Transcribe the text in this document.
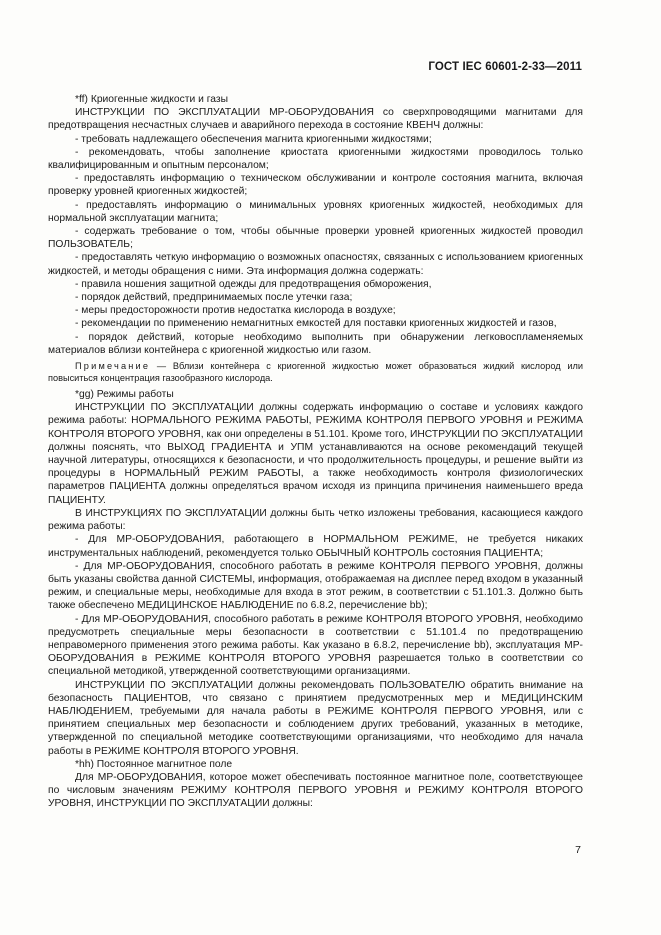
ГОСТ IEC 60601-2-33—2011

*ff) Криогенные жидкости и газы

ИНСТРУКЦИИ ПО ЭКСПЛУАТАЦИИ МР-ОБОРУДОВАНИЯ со сверхпроводящими магнитами для предотвращения несчастных случаев и аварийного перехода в состояние КВЕНЧ должны:

- требовать надлежащего обеспечения магнита криогенными жидкостями;

- рекомендовать, чтобы заполнение криостата криогенными жидкостями проводилось только квалифицированным и опытным персоналом;

- предоставлять информацию о техническом обслуживании и контроле состояния магнита, включая проверку уровней криогенных жидкостей;

- предоставлять информацию о минимальных уровнях криогенных жидкостей, необходимых для нормальной эксплуатации магнита;

- содержать требование о том, чтобы обычные проверки уровней криогенных жидкостей проводил ПОЛЬЗОВАТЕЛЬ;

- предоставлять четкую информацию о возможных опасностях, связанных с использованием криогенных жидкостей, и методы обращения с ними. Эта информация должна содержать:

- правила ношения защитной одежды для предотвращения обморожения,

- порядок действий, предпринимаемых после утечки газа;

- меры предосторожности против недостатка кислорода в воздухе;

- рекомендации по применению немагнитных емкостей для поставки криогенных жидкостей и газов,

- порядок действий, которые необходимо выполнить при обнаружении легковоспламеняемых материалов вблизи контейнера с криогенной жидкостью или газом.

Примечание — Вблизи контейнера с криогенной жидкостью может образоваться жидкий кислород или повыситься концентрация газообразного кислорода.

*gg) Режимы работы

ИНСТРУКЦИИ ПО ЭКСПЛУАТАЦИИ должны содержать информацию о составе и условиях каждого режима работы: НОРМАЛЬНОГО РЕЖИМА РАБОТЫ, РЕЖИМА КОНТРОЛЯ ПЕРВОГО УРОВНЯ и РЕЖИМА КОНТРОЛЯ ВТОРОГО УРОВНЯ, как они определены в 51.101. Кроме того, ИНСТРУКЦИИ ПО ЭКСПЛУАТАЦИИ должны пояснять, что ВЫХОД ГРАДИЕНТА и УПМ устанавливаются на основе рекомендаций текущей научной литературы, относящихся к безопасности, и что продолжительность процедуры, и решение выйти из процедуры в НОРМАЛЬНЫЙ РЕЖИМ РАБОТЫ, а также необходимость контроля физиологических параметров ПАЦИЕНТА должны определяться врачом исходя из принципа причинения наименьшего вреда ПАЦИЕНТУ.

В ИНСТРУКЦИЯХ ПО ЭКСПЛУАТАЦИИ должны быть четко изложены требования, касающиеся каждого режима работы:

- Для МР-ОБОРУДОВАНИЯ, работающего в НОРМАЛЬНОМ РЕЖИМЕ, не требуется никаких инструментальных наблюдений, рекомендуется только ОБЫЧНЫЙ КОНТРОЛЬ состояния ПАЦИЕНТА;

- Для МР-ОБОРУДОВАНИЯ, способного работать в режиме КОНТРОЛЯ ПЕРВОГО УРОВНЯ, должны быть указаны свойства данной СИСТЕМЫ, информация, отображаемая на дисплее перед входом в указанный режим, и специальные меры, необходимые для входа в этот режим, в соответствии с 51.101.3. Должно быть также обеспечено МЕДИЦИНСКОЕ НАБЛЮДЕНИЕ по 6.8.2, перечисление bb);

- Для МР-ОБОРУДОВАНИЯ, способного работать в режиме КОНТРОЛЯ ВТОРОГО УРОВНЯ, необходимо предусмотреть специальные меры безопасности в соответствии с 51.101.4 по предотвращению неправомерного применения этого режима работы. Как указано в 6.8.2, перечисление bb), эксплуатация МР-ОБОРУДОВАНИЯ в РЕЖИМЕ КОНТРОЛЯ ВТОРОГО УРОВНЯ разрешается только в соответствии со специальной методикой, утвержденной соответствующими организациями.

ИНСТРУКЦИИ ПО ЭКСПЛУАТАЦИИ должны рекомендовать ПОЛЬЗОВАТЕЛЮ обратить внимание на безопасность ПАЦИЕНТОВ, что связано с принятием предусмотренных мер и МЕДИЦИНСКИМ НАБЛЮДЕНИЕМ, требуемыми для начала работы в РЕЖИМЕ КОНТРОЛЯ ПЕРВОГО УРОВНЯ, или с принятием специальных мер безопасности и соблюдением других требований, указанных в методике, утвержденной по специальной методике соответствующими организациями, что необходимо для начала работы в РЕЖИМЕ КОНТРОЛЯ ВТОРОГО УРОВНЯ.

*hh) Постоянное магнитное поле

Для МР-ОБОРУДОВАНИЯ, которое может обеспечивать постоянное магнитное поле, соответствующее по числовым значениям РЕЖИМУ КОНТРОЛЯ ПЕРВОГО УРОВНЯ и РЕЖИМУ КОНТРОЛЯ ВТОРОГО УРОВНЯ, ИНСТРУКЦИИ ПО ЭКСПЛУАТАЦИИ должны:

7
